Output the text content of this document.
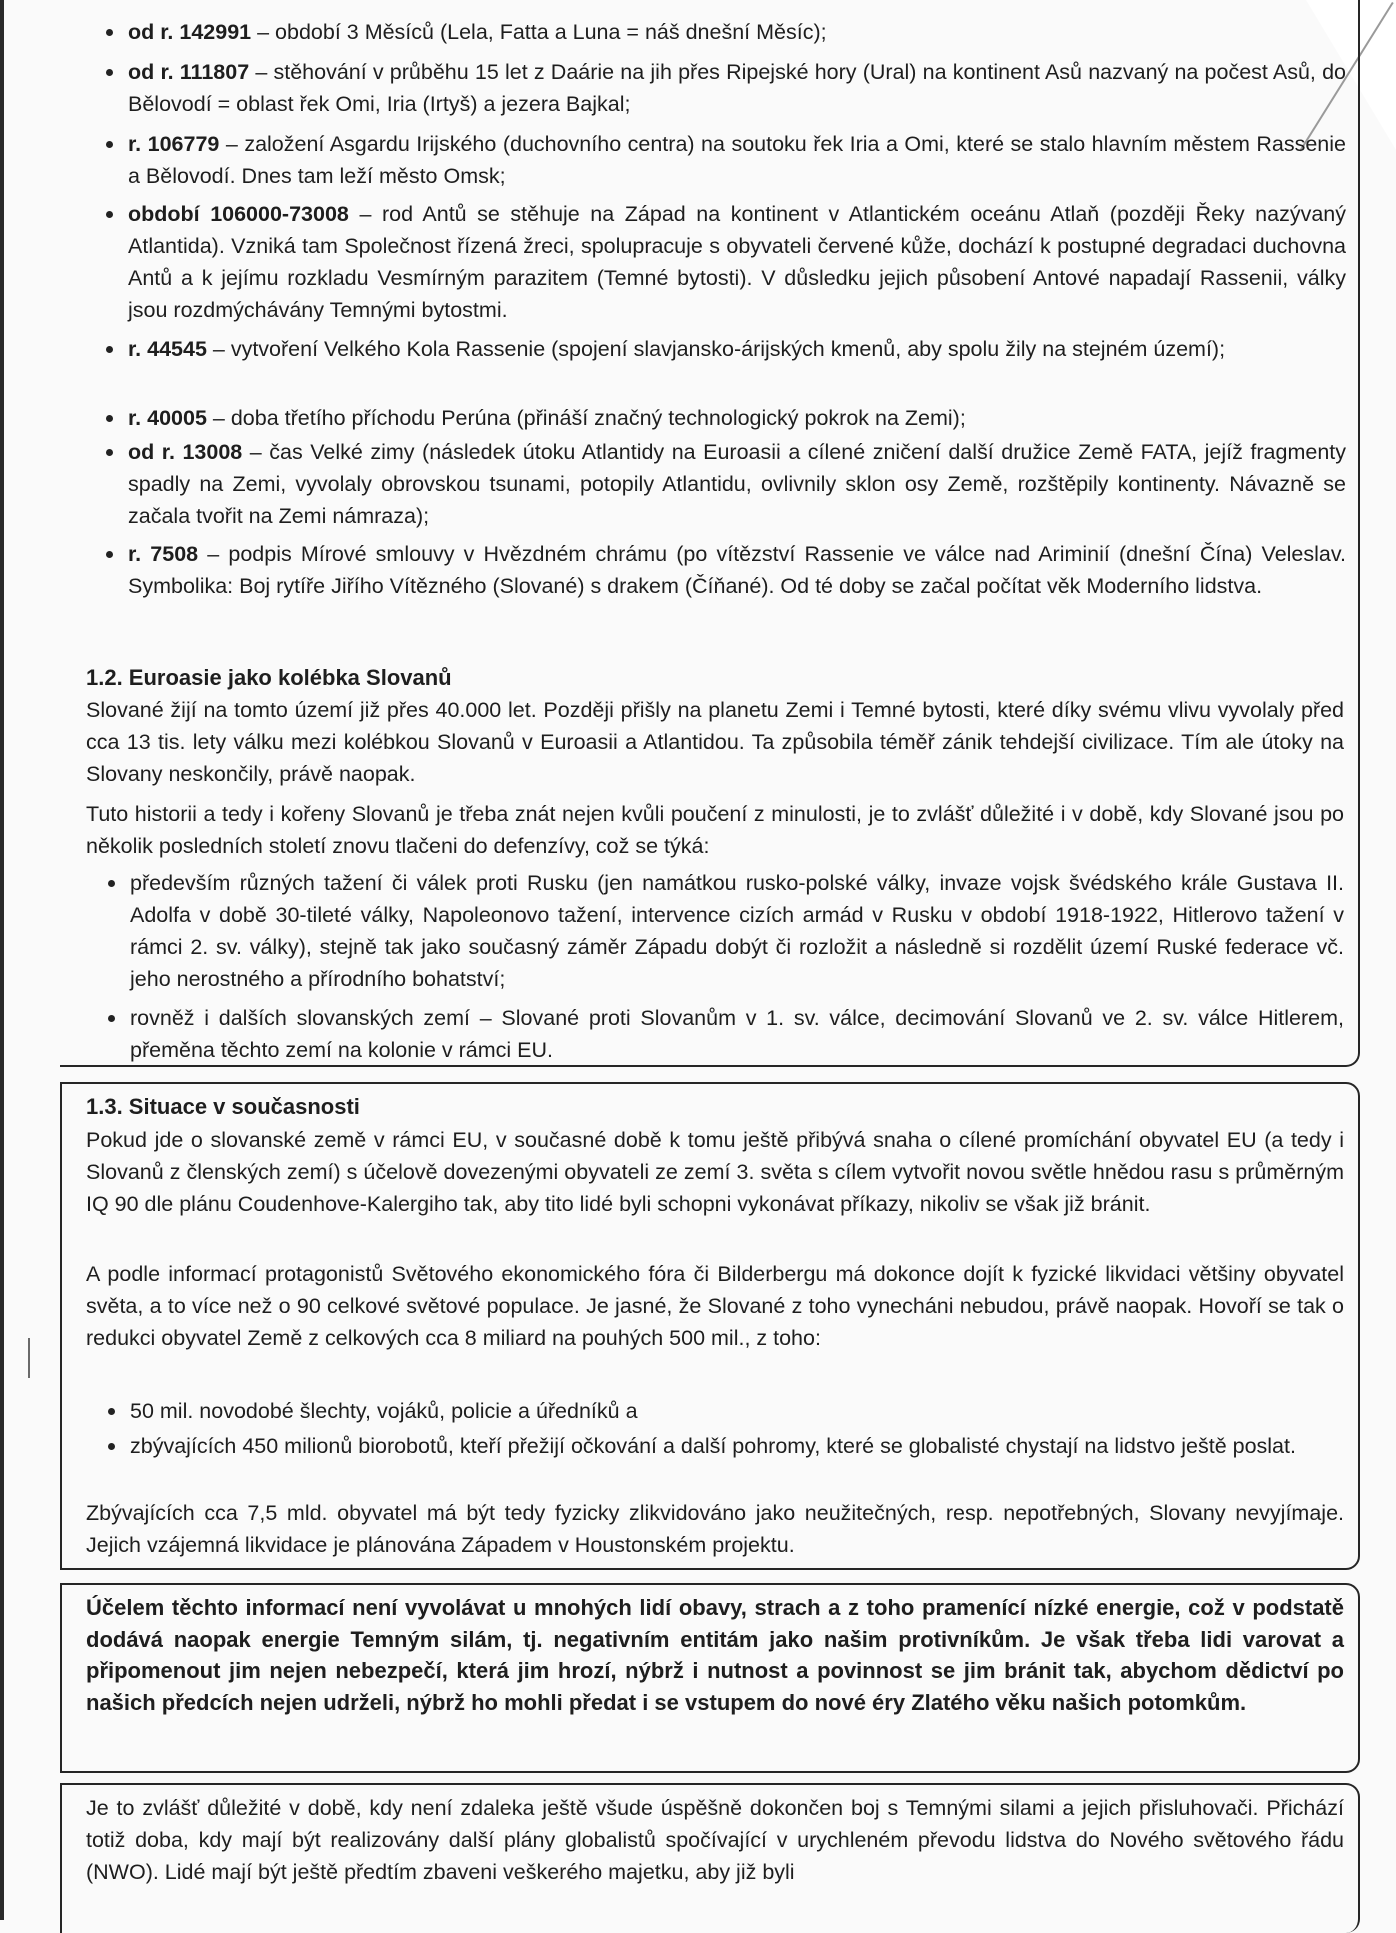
od r. 142991 – období 3 Měsíců (Lela, Fatta a Luna = náš dnešní Měsíc);
od r. 111807 – stěhování v průběhu 15 let z Daárie na jih přes Ripejské hory (Ural) na kontinent Asů nazvaný na počest Asů, do Bělovodí = oblast řek Omi, Iria (Irtyš) a jezera Bajkal;
r. 106779 – založení Asgardu Irijského (duchovního centra) na soutoku řek Iria a Omi, které se stalo hlavním městem Rassenie a Bělovodí. Dnes tam leží město Omsk;
období 106000-73008 – rod Antů se stěhuje na Západ na kontinent v Atlantickém oceánu Atlaň (později Řeky nazývaný Atlantida). Vzniká tam Společnost řízená žreci, spolupracuje s obyvateli červené kůže, dochází k postupné degradaci duchovna Antů a k jejímu rozkladu Vesmírným parazitem (Temné bytosti). V důsledku jejich působení Antové napadají Rassenii, války jsou rozdmýchávány Temnými bytostmi.
r. 44545 – vytvoření Velkého Kola Rassenie (spojení slavjansko-árijských kmenů, aby spolu žily na stejném území);
r. 40005 – doba třetího příchodu Perúna (přináší značný technologický pokrok na Zemi);
od r. 13008 – čas Velké zimy (následek útoku Atlantidy na Euroasii a cílené zničení další družice Země FATA, jejíž fragmenty spadly na Zemi, vyvolaly obrovskou tsunami, potopily Atlantidu, ovlivnily sklon osy Země, rozštěpily kontinenty. Návazně se začala tvořit na Zemi námraza);
r. 7508 – podpis Mírové smlouvy v Hvězdném chrámu (po vítězství Rassenie ve válce nad Ariminií (dnešní Čína) Veleslav. Symbolika: Boj rytíře Jiřího Vítězného (Slované) s drakem (Číňané). Od té doby se začal počítat věk Moderního lidstva.
1.2. Euroasie jako kolébka Slovanů
Slované žijí na tomto území již přes 40.000 let. Později přišly na planetu Zemi i Temné bytosti, které díky svému vlivu vyvolaly před cca 13 tis. lety válku mezi kolébkou Slovanů v Euroasii a Atlantidou. Ta způsobila téměř zánik tehdejší civilizace. Tím ale útoky na Slovany neskončily, právě naopak.
Tuto historii a tedy i kořeny Slovanů je třeba znát nejen kvůli poučení z minulosti, je to zvlášť důležité i v době, kdy Slované jsou po několik posledních století znovu tlačeni do defenzívy, což se týká:
především různých tažení či válek proti Rusku (jen namátkou rusko-polské války, invaze vojsk švédského krále Gustava II. Adolfa v době 30-tileté války, Napoleonovo tažení, intervence cizích armád v Rusku v období 1918-1922, Hitlerovo tažení v rámci 2. sv. války), stejně tak jako současný záměr Západu dobýt či rozložit a následně si rozdělit území Ruské federace vč. jeho nerostného a přírodního bohatství;
rovněž i dalších slovanských zemí – Slované proti Slovanům v 1. sv. válce, decimování Slovanů ve 2. sv. válce Hitlerem, přeměna těchto zemí na kolonie v rámci EU.
1.3. Situace v současnosti
Pokud jde o slovanské země v rámci EU, v současné době k tomu ještě přibývá snaha o cílené promíchání obyvatel EU (a tedy i Slovanů z členských zemí) s účelově dovezenými obyvateli ze zemí 3. světa s cílem vytvořit novou světle hnědou rasu s průměrným IQ 90 dle plánu Coudenhove-Kalergiho tak, aby tito lidé byli schopni vykonávat příkazy, nikoliv se však již bránit.
A podle informací protagonistů Světového ekonomického fóra či Bilderbergu má dokonce dojít k fyzické likvidaci většiny obyvatel světa, a to více než o 90 celkové světové populace. Je jasné, že Slované z toho vynecháni nebudou, právě naopak. Hovoří se tak o redukci obyvatel Země z celkových cca 8 miliard na pouhých 500 mil., z toho:
50 mil. novodobé šlechty, vojáků, policie a úředníků a
zbývajících 450 milionů biorobotů, kteří přežijí očkování a další pohromy, které se globalisté chystají na lidstvo ještě poslat.
Zbývajících cca 7,5 mld. obyvatel má být tedy fyzicky zlikvidováno jako neužitečných, resp. nepotřebných, Slovany nevyjímaje. Jejich vzájemná likvidace je plánována Západem v Houstonském projektu.
Účelem těchto informací není vyvolávat u mnohých lidí obavy, strach a z toho pramenící nízké energie, což v podstatě dodává naopak energie Temným silám, tj. negativním entitám jako našim protivníkům. Je však třeba lidi varovat a připomenout jim nejen nebezpečí, která jim hrozí, nýbrž i nutnost a povinnost se jim bránit tak, abychom dědictví po našich předcích nejen udrželi, nýbrž ho mohli předat i se vstupem do nové éry Zlatého věku našich potomkům.
Je to zvlášť důležité v době, kdy není zdaleka ještě všude úspěšně dokončen boj s Temnými silami a jejich přisluhovači. Přichází totiž doba, kdy mají být realizovány další plány globalistů spočívající v urychleném převodu lidstva do Nového světového řádu (NWO). Lidé mají být ještě předtím zbaveni veškerého majetku, aby již byli
